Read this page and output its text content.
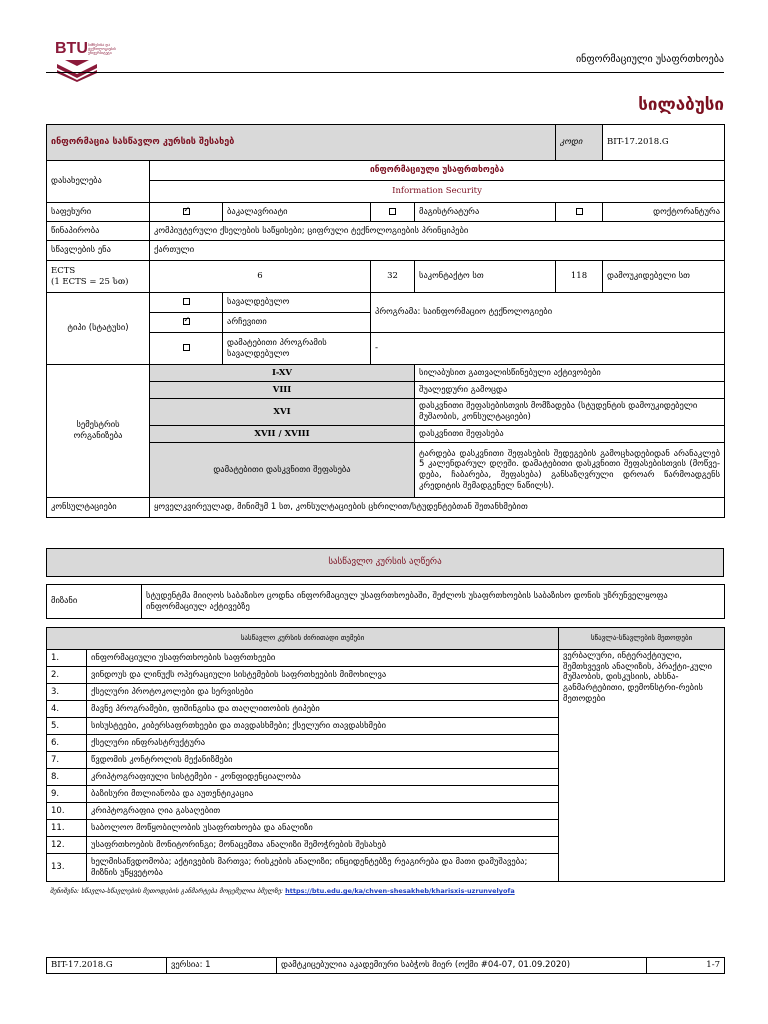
BTU ბიზნესისა და ტექნოლოგიების უნივერსიტეტი
ინფორმაციული უსაფრთხოება
სილაბუსი
ინფორმაცია სასწავლო კურსის შესახებ					კოდი	BIT-17.2018.G
დასახელება	ინფორმაციული უსაფრთხოება					
	Information Security					
საფეხური	✓	ბაკალავრიატი		მაგისტრატურა		დოქტორანტურა
წინაპირობა	კომპიუტერული ქსელების საწყისები; ციფრული ტექნოლოგიების პრინციპები					
სწავლების ენა	ქართული					

ECTS
(1 ECTS = 25 სთ)	6		32	საკონტაქტო სთ	118	დამოუკიდებელი სთ
ტიპი (სტატუსი)		სავალდებულო	პროგრამა: საინფორმაციო ტექნოლოგიები			
✓	არჩევითი				
		დამატებითი პროგრამის სავალდებულო	-			
სემესტრის ორგანიზება	I-XV			სილაბუსით გათვალისწინებული აქტივობები		
	VIII			შუალედური გამოცდა		
	XVI			დასკვნითი შეფასებისთვის მომზადება (სტუდენტის დამოუკიდებელი მუშაობის, კონსულტაციები)		
	XVII / XVIII			დასკვნითი შეფასება		
	დამატებითი დასკვნითი შეფასება			ტარდება დასკვნითი შეფასების შედეგების გამოცხადებიდან არანაკლებ 5 კალენდარულ დღეში. დამატებითი დასკვნითი შეფასებისთვის (მოწვე-დება, ჩაბარება, შეფასება) განსაზღვრული დროარ წარმოადგენს კრედიტის შემადგენელ ნაწილს).		
კონსულტაციები	ყოველკვირეულად, მინიმუმ 1 სთ, კონსულტაციების ცხრილით/სტუდენტებთან შეთანხმებით					
სასწავლო კურსის აღწერა
მიზანი	სტუდენტმა მიიღოს საბაზისო ცოდნა ინფორმაციულ უსაფრთხოებაში, შეძლოს უსაფრთხოების საბაზისო დონის უზრუნველყოფა ინფორმაციულ აქტივებზე
სასწავლო კურსის ძირითადი თემები		სწავლა-სწავლების მეთოდები
1.	ინფორმაციული უსაფრთხოების საფრთხეები	ვერბალური, ინტერაქტიული, შემთხვევის ანალიზის, პრაქტი-კული მუშაობის, დისკუსიის, ახსნა-განმარტებითი, დემონსტრი-რების მეთოდები
2.	ვინდოუს და ლინუქს ოპერაციული სისტემების საფრთხეების მიმოხილვა	
3.	ქსელური პროტოკოლები და სერვისები	
4.	მავნე პროგრამები, ფიშინგისა და თაღლითობის ტიპები	
5.	სისუსტეები, კიბერსაფრთხეები და თავდასხმები; ქსელური თავდასხმები	
6.	ქსელური ინფრასტრუქტურა	
7.	წვდომის კონტროლის მექანიზმები	
8.	კრიპტოგრაფიული სისტემები - კონფიდენციალობა	
9.	ბაზისური მთლიანობა და აუთენტიკაცია	
10.	კრიპტოგრაფია ღია გასაღებით	
11.	საბოლოო მოწყობილობის უსაფრთხოება და ანალიზი	
12.	უსაფრთხოების მონიტორინგი; მონაცემთა ანალიზი შემოჭრების შესახებ	
13.	ხელმისაწვდომობა; აქტივების მართვა; რისკების ანალიზი; ინციდენტებზე რეაგირება და მათი დამუშავება; მიზნის უწყვეტობა	
შენიშვნა: სწავლა-სწავლების მეთოდების განმარტება მოცემულია ბმულზე: https://btu.edu.ge/ka/chven-shesakheb/kharisxis-uzrunvelyofa
BIT-17.2018.G	ვერსია: 1	დამტკიცებულია აკადემიური საბჭოს მიერ (ოქმი #04-07, 01.09.2020)	1-7
